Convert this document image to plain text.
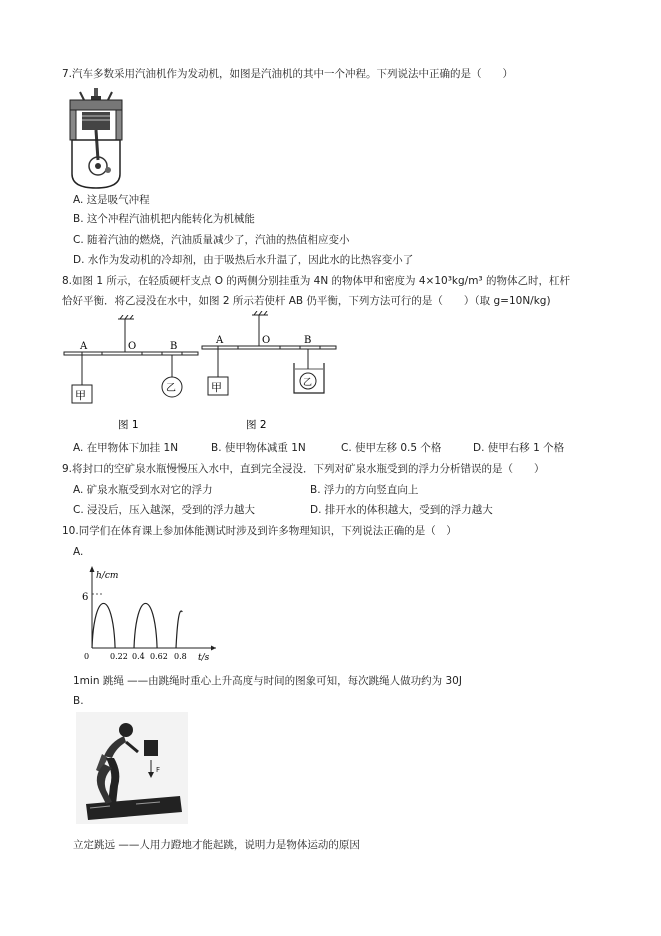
7.汽车多数采用汽油机作为发动机，如图是汽油机的其中一个冲程。下列说法中正确的是（　　）
A. 这是吸气冲程
B. 这个冲程汽油机把内能转化为机械能
C. 随着汽油的燃烧，汽油质量减少了，汽油的热值相应变小
D. 水作为发动机的冷却剂，由于吸热后水升温了，因此水的比热容变小了
8.如图 1 所示，在轻质硬杆支点 O 的两侧分别挂重为 4N 的物体甲和密度为 4×10³kg/m³ 的物体乙时，杠杆
恰好平衡．将乙浸没在水中，如图 2 所示若使杆 AB 仍平衡，下列方法可行的是（　　）（取 g=10N/kg)
A	O	B
甲
乙
图 1
A	O	B
甲	乙
图 2
A. 在甲物体下加挂 1N	B. 使甲物体减重 1N	C. 使甲左移 0.5 个格	D. 使甲右移 1 个格
9.将封口的空矿泉水瓶慢慢压入水中，直到完全浸没．下列对矿泉水瓶受到的浮力分析错误的是（　　）
A. 矿泉水瓶受到水对它的浮力	B. 浮力的方向竖直向上
C. 浸没后，压入越深，受到的浮力越大	D. 排开水的体积越大，受到的浮力越大
10.同学们在体育课上参加体能测试时涉及到许多物理知识，下列说法正确的是（　）
A.
h/cm
t/s
6
0	0.22 0.4 0.62 0.8
1min 跳绳 ——由跳绳时重心上升高度与时间的图象可知，每次跳绳人做功约为 30J
B.
F
立定跳远 ——人用力蹬地才能起跳，说明力是物体运动的原因
